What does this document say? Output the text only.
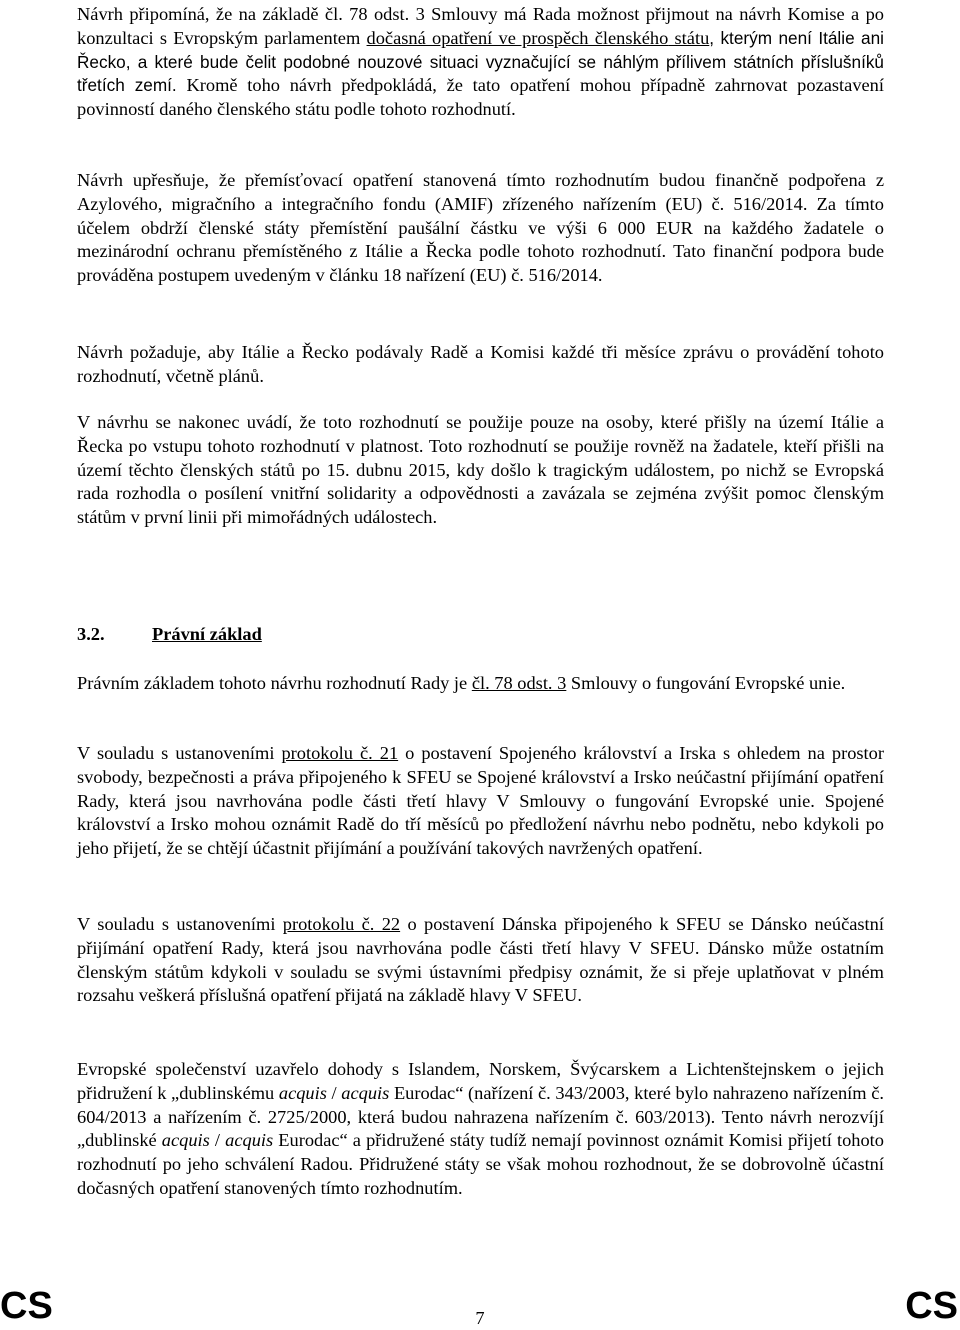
Návrh připomíná, že na základě čl. 78 odst. 3 Smlouvy má Rada možnost přijmout na návrh Komise a po konzultaci s Evropským parlamentem dočasná opatření ve prospěch členského státu, kterým není Itálie ani Řecko, a které bude čelit podobné nouzové situaci vyznačující se náhlým přílivem státních příslušníků třetích zemí. Kromě toho návrh předpokládá, že tato opatření mohou případně zahrnovat pozastavení povinností daného členského státu podle tohoto rozhodnutí.

Návrh upřesňuje, že přemísťovací opatření stanovená tímto rozhodnutím budou finančně podpořena z Azylového, migračního a integračního fondu (AMIF) zřízeného nařízením (EU) č. 516/2014. Za tímto účelem obdrží členské státy přemístění paušální částku ve výši 6 000 EUR na každého žadatele o mezinárodní ochranu přemístěného z Itálie a Řecka podle tohoto rozhodnutí. Tato finanční podpora bude prováděna postupem uvedeným v článku 18 nařízení (EU) č. 516/2014.

Návrh požaduje, aby Itálie a Řecko podávaly Radě a Komisi každé tři měsíce zprávu o provádění tohoto rozhodnutí, včetně plánů.

V návrhu se nakonec uvádí, že toto rozhodnutí se použije pouze na osoby, které přišly na území Itálie a Řecka po vstupu tohoto rozhodnutí v platnost. Toto rozhodnutí se použije rovněž na žadatele, kteří přišli na území těchto členských států po 15. dubnu 2015, kdy došlo k tragickým událostem, po nichž se Evropská rada rozhodla o posílení vnitřní solidarity a odpovědnosti a zavázala se zejména zvýšit pomoc členským státům v první linii při mimořádných událostech.

3.2.	Právní základ

Právním základem tohoto návrhu rozhodnutí Rady je čl. 78 odst. 3 Smlouvy o fungování Evropské unie.

V souladu s ustanoveními protokolu č. 21 o postavení Spojeného království a Irska s ohledem na prostor svobody, bezpečnosti a práva připojeného k SFEU se Spojené království a Irsko neúčastní přijímání opatření Rady, která jsou navrhována podle části třetí hlavy V Smlouvy o fungování Evropské unie. Spojené království a Irsko mohou oznámit Radě do tří měsíců po předložení návrhu nebo podnětu, nebo kdykoli po jeho přijetí, že se chtějí účastnit přijímání a používání takových navržených opatření.

V souladu s ustanoveními protokolu č. 22 o postavení Dánska připojeného k SFEU se Dánsko neúčastní přijímání opatření Rady, která jsou navrhována podle části třetí hlavy V SFEU. Dánsko může ostatním členským státům kdykoli v souladu se svými ústavními předpisy oznámit, že si přeje uplatňovat v plném rozsahu veškerá příslušná opatření přijatá na základě hlavy V SFEU.

Evropské společenství uzavřelo dohody s Islandem, Norskem, Švýcarskem a Lichtenštejnskem o jejich přidružení k „dublinskému acquis / acquis Eurodac“ (nařízení č. 343/2003, které bylo nahrazeno nařízením č. 604/2013 a nařízením č. 2725/2000, která budou nahrazena nařízením č. 603/2013). Tento návrh nerozvíjí „dublinské acquis / acquis Eurodac“ a přidružené státy tudíž nemají povinnost oznámit Komisi přijetí tohoto rozhodnutí po jeho schválení Radou. Přidružené státy se však mohou rozhodnout, že se dobrovolně účastní dočasných opatření stanovených tímto rozhodnutím.

CS	7	CS
